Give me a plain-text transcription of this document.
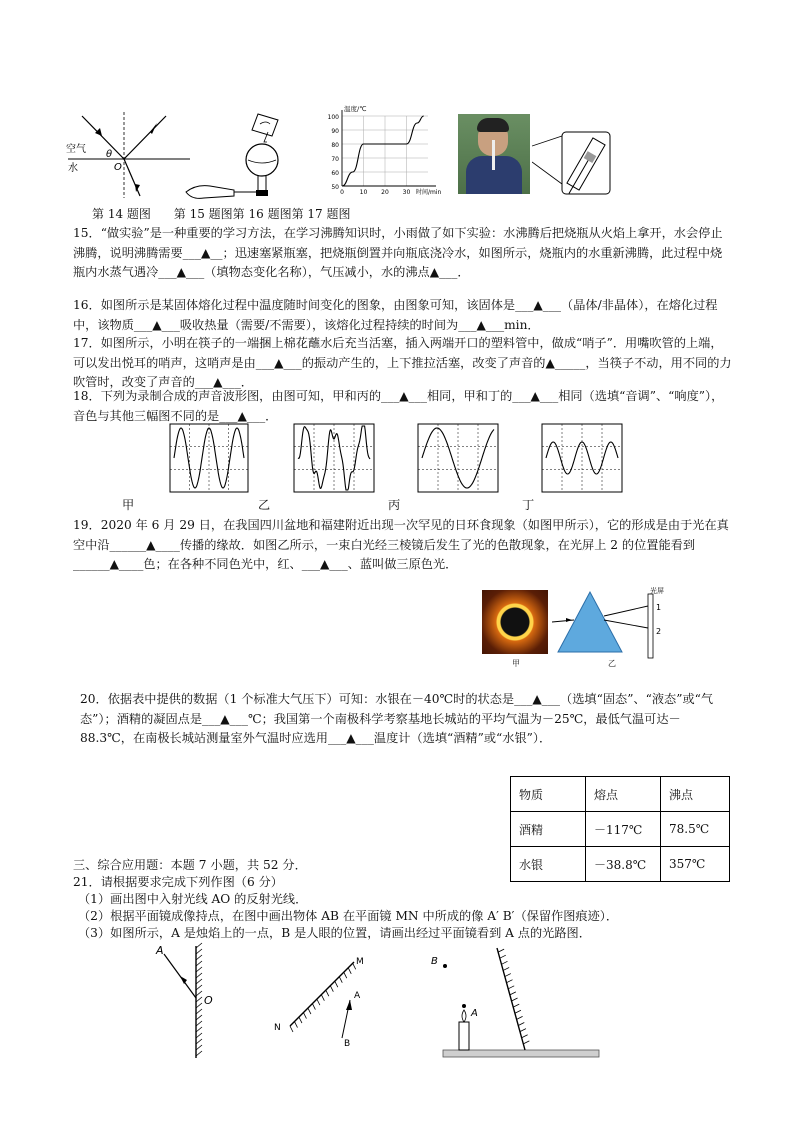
空气
水
θ
O
100
90
80
70
60
50
0	10 20 30
温度/℃
时间/min
第 14 题图      第 15 题图第 16 题图第 17 题图
15．“做实验”是一种重要的学习方法，在学习沸腾知识时，小雨做了如下实验：水沸腾后把烧瓶从火焰上拿开，水会停止沸腾，说明沸腾需要___▲__；迅速塞紧瓶塞，把烧瓶倒置并向瓶底浇冷水，如图所示，烧瓶内的水重新沸腾，此过程中烧瓶内水蒸气遇冷___▲___（填物态变化名称），气压减小，水的沸点▲___．
16．如图所示是某固体熔化过程中温度随时间变化的图象，由图象可知，该固体是___▲___（晶体/非晶体），在熔化过程中，该物质___▲___吸收热量（需要/不需要），该熔化过程持续的时间为___▲___min．
17．如图所示，小明在筷子的一端捆上棉花蘸水后充当活塞，插入两端开口的塑料管中，做成“哨子”．用嘴吹管的上端，可以发出悦耳的哨声，这哨声是由___▲___的振动产生的，上下推拉活塞，改变了声音的▲_____，当筷子不动，用不同的力吹管时，改变了声音的___▲___．
18．下列为录制合成的声音波形图，由图可知，甲和丙的___▲___相同，甲和丁的___▲___相同（选填“音调”、“响度”），音色与其他三幅图不同的是___▲___．
甲	乙	丙	丁
19．2020 年 6 月 29 日，在我国四川盆地和福建附近出现一次罕见的日环食现象（如图甲所示），它的形成是由于光在真空中沿______▲____传播的缘故．如图乙所示，一束白光经三棱镜后发生了光的色散现象，在光屏上 2 的位置能看到______▲____色；在各种不同色光中，红、___▲___、蓝叫做三原色光．
甲
光屏
1
2
乙
20．依据表中提供的数据（1 个标准大气压下）可知：水银在－40℃时的状态是___▲___（选填“固态”、“液态”或“气态”）；酒精的凝固点是___▲___℃；我国第一个南极科学考察基地长城站的平均气温为－25℃，最低气温可达－88.3℃，在南极长城站测量室外气温时应选用___▲___温度计（选填“酒精”或“水银”）．
物质	熔点	沸点
酒精	－117℃	78.5℃
水银	－38.8℃	357℃
三、综合应用题：本题 7 小题，共 52 分．
21．请根据要求完成下列作图（6 分）
（1）画出图中入射光线 AO 的反射光线．
（2）根据平面镜成像持点，在图中画出物体 AB 在平面镜 MN 中所成的像 A′ B′（保留作图痕迹）．
（3）如图所示，A 是烛焰上的一点，B 是人眼的位置，请画出经过平面镜看到 A 点的光路图．
A
O
M
N
A
B
B
A
